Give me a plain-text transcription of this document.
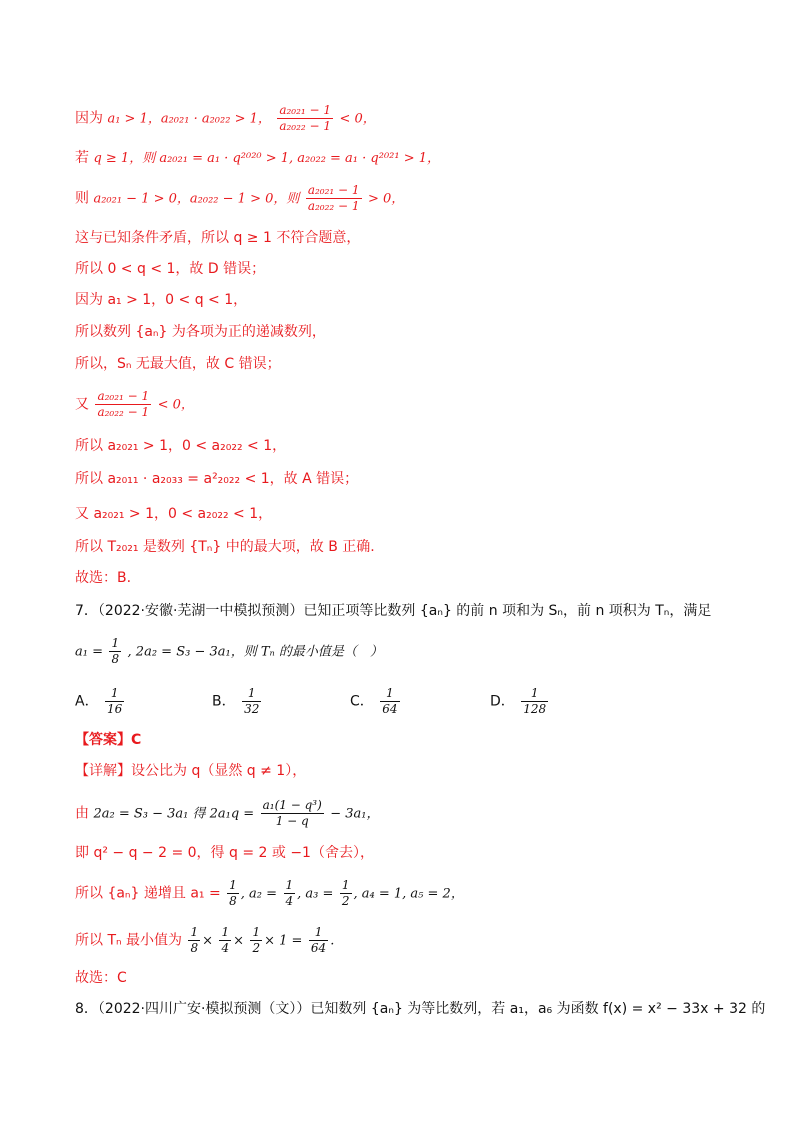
因为 a₁ > 1，a₂₀₂₁ · a₂₀₂₂ > 1， $\frac{\text{a₂₀₂₁ − 1}}{\text{a₂₀₂₂ − 1}} < 0$，
若 q ≥ 1，则 a₂₀₂₁ = a₁ · q²⁰²⁰ > 1, a₂₀₂₂ = a₁ · q²⁰²¹ > 1，
则 a₂₀₂₁ − 1 > 0，a₂₀₂₂ − 1 > 0，则 $\frac{\text{a₂₀₂₁ − 1}}{\text{a₂₀₂₂ − 1}} > 0$，
这与已知条件矛盾，所以 q ≥ 1 不符合题意，
所以 0 < q < 1，故 D 错误；
因为 a₁ > 1，0 < q < 1，
所以数列 {aₙ} 为各项为正的递减数列，
所以，Sₙ 无最大值，故 C 错误；
又 $\frac{\text{a₂₀₂₁ − 1}}{\text{a₂₀₂₂ − 1}} < 0$，
所以 a₂₀₂₁ > 1，0 < a₂₀₂₂ < 1，
所以 a₂₀₁₁ · a₂₀₃₃ = a²₂₀₂₂ < 1，故 A 错误；
又 a₂₀₂₁ > 1，0 < a₂₀₂₂ < 1，
所以 T₂₀₂₁ 是数列 {Tₙ} 中的最大项，故 B 正确.
故选：B.
7．（2022·安徽·芜湖一中模拟预测）已知正项等比数列 {aₙ} 的前 n 项和为 Sₙ，前 n 项积为 Tₙ，满足
$a_1 = \frac{1}{8}$ , 2a₂ = S₃ − 3a₁，则 Tₙ 的最小值是（　）
A． $\frac{1}{16}$	B． $\frac{1}{32}$	C． $\frac{1}{64}$	D． $\frac{1}{128}$
【答案】C
【详解】设公比为 q（显然 q ≠ 1），
由 2a₂ = S₃ − 3a₁ 得 $2a_1q = \frac{\text{a₁(1 − q³)}}{1 - q} - 3a_1$，
即 q² − q − 2 = 0，得 q = 2 或 −1（舍去），
所以 {aₙ} 递增且 $a_1 = \frac{1}{8}$ , $a_2 = \frac{1}{4}$ , $a_3 = \frac{1}{2}$ , a₄ = 1, a₅ = 2，
所以 Tₙ 最小值为 $\frac{1}{8} \times \frac{1}{4} \times \frac{1}{2} \times 1 = \frac{1}{64}$ .
故选：C
8．（2022·四川广安·模拟预测（文））已知数列 {aₙ} 为等比数列，若 a₁，a₆ 为函数 f(x) = x² − 33x + 32 的
